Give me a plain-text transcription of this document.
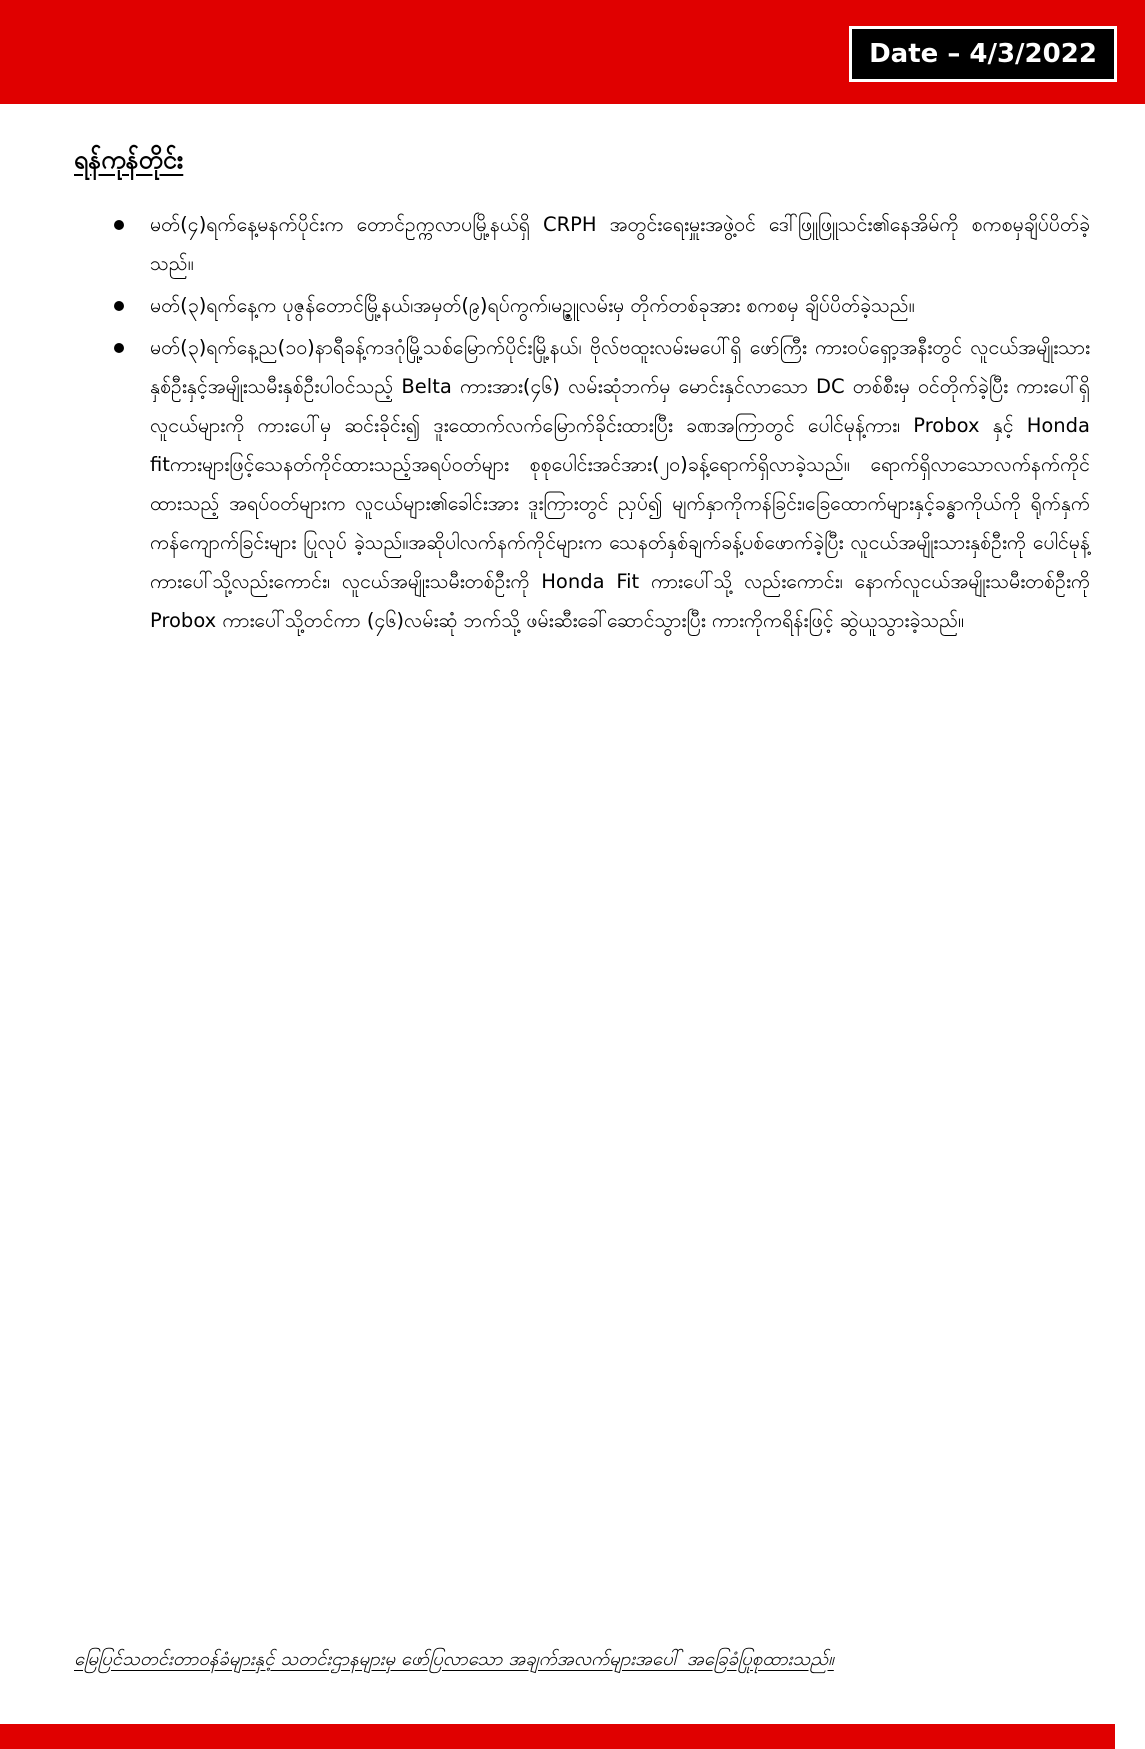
Date – 4/3/2022
ရန်ကုန်တိုင်း
မတ်(၄)ရက်နေ့မနက်ပိုင်းက တောင်ဥက္ကလာပမြို့နယ်ရှိ CRPH အတွင်းရေးမှူးအဖွဲ့ဝင် ဒေါ်ဖြူဖြူသင်း၏နေအိမ်ကို စကစမှချိပ်ပိတ်ခဲ့သည်။
မတ်(၃)ရက်နေ့က ပုဇွန်တောင်မြို့နယ်၊အမှတ်(၉)ရပ်ကွက်၊မဥ္ဇူလမ်းမှ တိုက်တစ်ခုအား စကစမှ ချိပ်ပိတ်ခဲ့သည်။
မတ်(၃)ရက်နေ့ည(၁၀)နာရီခန့်ကဒဂုံမြို့သစ်မြောက်ပိုင်းမြို့နယ်၊ ဗိုလ်ဗထူးလမ်းမပေါ်ရှိ ဖော်ကြီး ကားဝပ်ရှော့အနီးတွင် လူငယ်အမျိုးသားနှစ်ဦးနှင့်အမျိုးသမီးနှစ်ဦးပါဝင်သည့် Belta ကားအား(၄၆) လမ်းဆုံဘက်မှ မောင်းနှင်လာသော DC တစ်စီးမှ ဝင်တိုက်ခဲ့ပြီး ကားပေါ်ရှိ လူငယ်များကို ကားပေါ်မှ ဆင်းခိုင်း၍ ဒူးထောက်လက်မြောက်ခိုင်းထားပြီး ခဏအကြာတွင် ပေါင်မုန့်ကား၊ Probox နှင့် Honda fitကားများဖြင့်သေနတ်ကိုင်ထားသည့်အရပ်ဝတ်များ စုစုပေါင်းအင်အား(၂၀)ခန့်ရောက်ရှိလာခဲ့သည်။ ရောက်ရှိလာသောလက်နက်ကိုင်ထားသည့် အရပ်ဝတ်များက လူငယ်များ၏ခေါင်းအား ဒူးကြားတွင် ညှပ်၍ မျက်နှာကိုကန်ခြင်း၊ခြေထောက်များနှင့်ခန္ဓာကိုယ်ကို ရိုက်နှက်ကန်ကျောက်ခြင်းများ ပြုလုပ် ခဲ့သည်။အဆိုပါလက်နက်ကိုင်များက သေနတ်နှစ်ချက်ခန့်ပစ်ဖောက်ခဲ့ပြီး လူငယ်အမျိုးသားနှစ်ဦးကို ပေါင်မုန့်ကားပေါ်သို့လည်းကောင်း၊ လူငယ်အမျိုးသမီးတစ်ဦးကို Honda Fit ကားပေါ်သို့ လည်းကောင်း၊ နောက်လူငယ်အမျိုးသမီးတစ်ဦးကို Probox ကားပေါ်သို့တင်ကာ (၄၆)လမ်းဆုံ ဘက်သို့ ဖမ်းဆီးခေါ်ဆောင်သွားပြီး ကားကိုကရိန်းဖြင့် ဆွဲယူသွားခဲ့သည်။
မြေပြင်သတင်းတာဝန်ခံများနှင့် သတင်းဌာနများမှ ဖော်ပြလာသော အချက်အလက်များအပေါ် အခြေခံပြုစုထားသည်။
